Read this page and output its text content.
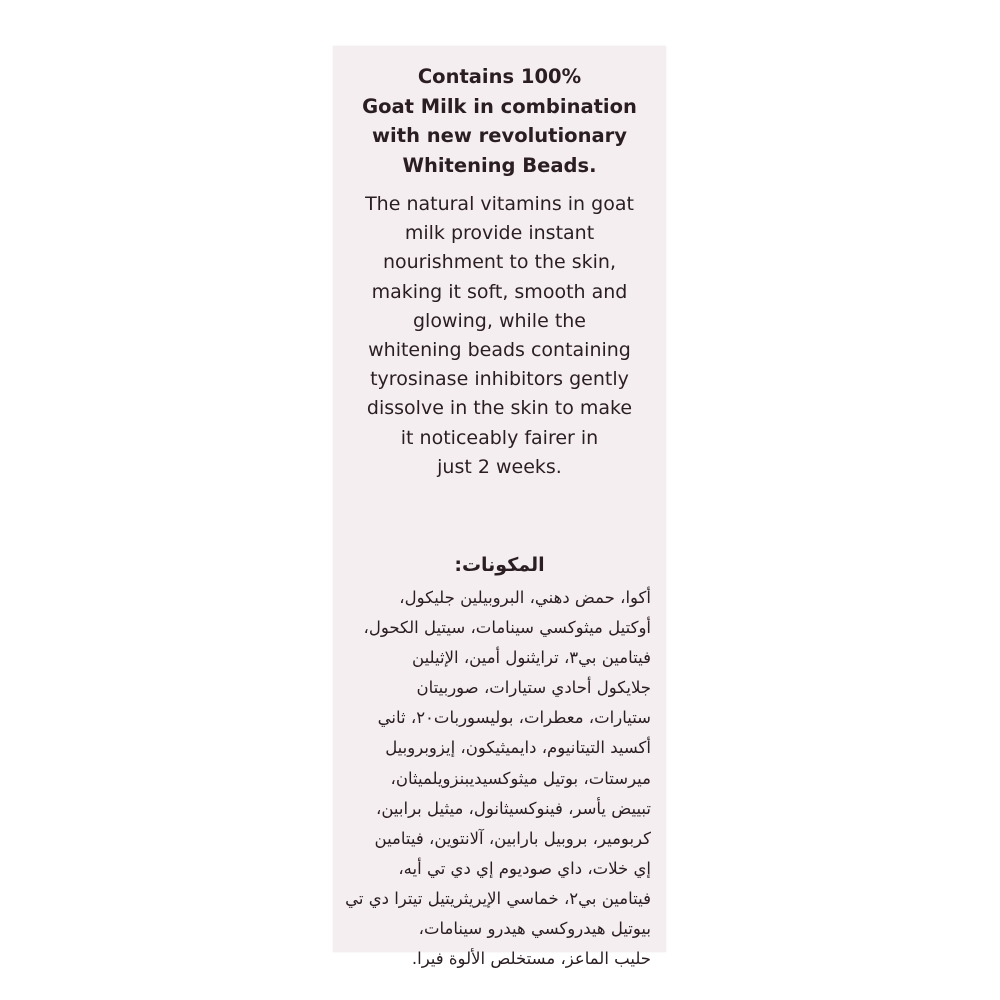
Contains 100%
Goat Milk in combination
with new revolutionary
Whitening Beads.
The natural vitamins in goat
milk provide instant
nourishment to the skin,
making it soft, smooth and
glowing, while the
whitening beads containing
tyrosinase inhibitors gently
dissolve in the skin to make
it noticeably fairer in
just 2 weeks.
المكونات:
أكوا، حمض دهني، البروبيلين جليكول،
أوكتيل ميثوكسي سينامات، سيتيل الكحول،
فيتامين بي٣، ترايثنول أمين، الإثيلين
جلايكول أحادي ستيارات، صوربيتان
ستيارات، معطرات، بوليسوربات٢٠، ثاني
أكسيد التيتانيوم، دايميثيكون، إيزوبروبيل
ميرستات، بوتيل ميثوكسيديبنزويلميثان،
تبييض يأسر، فينوكسيثانول، ميثيل برابين،
كربومير، بروبيل بارابين، آلانتوين، فيتامين
إي خلات، داي صوديوم إي دي تي أيه،
فيتامين بي٢، خماسي الإيريثريتيل تيترا دي تي
بيوتيل هيدروكسي هيدرو سينامات،
حليب الماعز، مستخلص الألوة فيرا.
